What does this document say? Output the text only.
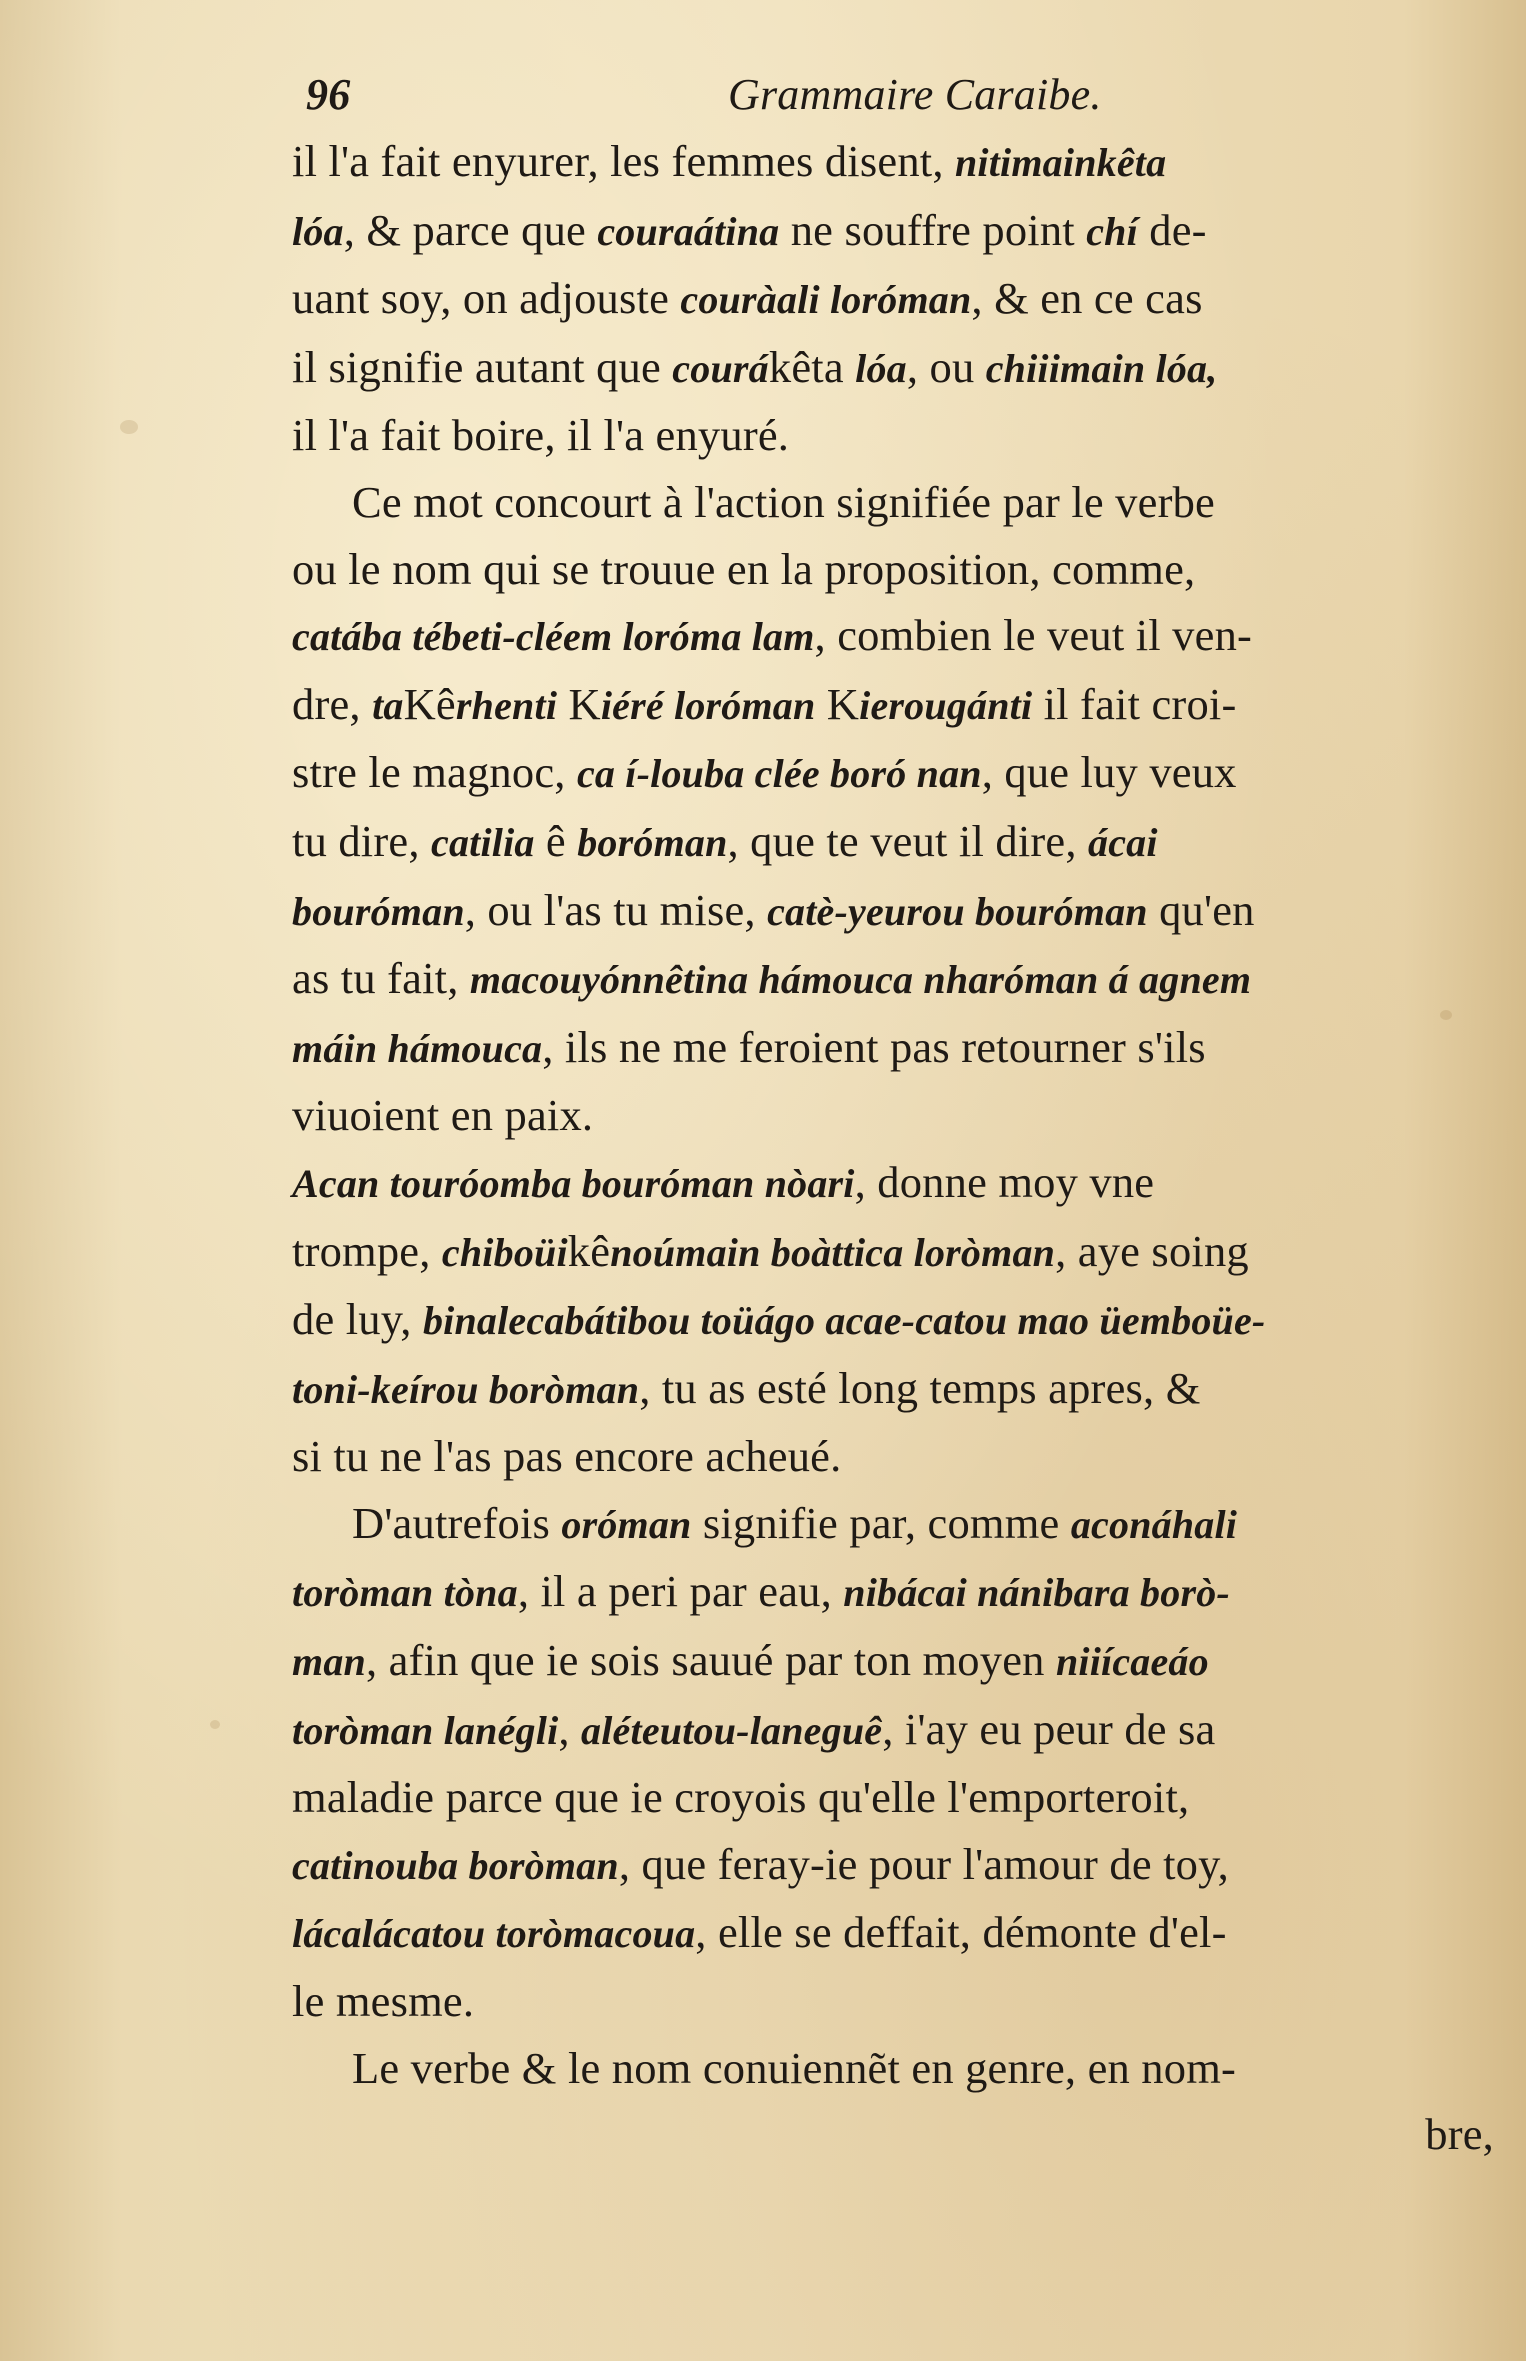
96	Grammaire Caraibe.
il l'a fait enyurer, les femmes disent, nitimainkêta
lóa, & parce que couraátina ne souffre point chí de-
uant soy, on adjouste couràali loróman, & en ce cas
il signifie autant que courákêta lóa, ou chiiimain lóa,
il l'a fait boire, il l'a enyuré.
Ce mot concourt à l'action signifiée par le verbe
ou le nom qui se trouue en la proposition, comme,
catába tébeti-cléem loróma lam, combien le veut il ven-
dre, taKêrhenti Kiéré loróman Kierougánti il fait croi-
stre le magnoc, ca í-louba clée boró nan, que luy veux
tu dire, catilia ê boróman, que te veut il dire, ácai
bouróman, ou l'as tu mise, catè-yeurou bouróman qu'en
as tu fait, macouyónnêtina hámouca nharóman á agnem
máin hámouca, ils ne me feroient pas retourner s'ils
viuoient en paix.
Acan touróomba bouróman nòari, donne moy vne
trompe, chiboüikênoúmain boàttica loròman, aye soing
de luy, binalecabátibou toüágo acae-catou mao üemboüe-
toni-keírou boròman, tu as esté long temps apres, &
si tu ne l'as pas encore acheué.
D'autrefois oróman signifie par, comme aconáhali
toròman tòna, il a peri par eau, nibácai nánibara borò-
man, afin que ie sois sauué par ton moyen niiícaeáo
toròman lanégli, aléteutou-laneguê, i'ay eu peur de sa
maladie parce que ie croyois qu'elle l'emporteroit,
catinouba boròman, que feray-ie pour l'amour de toy,
lácalácatou toròmacoua, elle se deffait, démonte d'el-
le mesme.
Le verbe & le nom conuiennẽt en genre, en nom-
bre,
